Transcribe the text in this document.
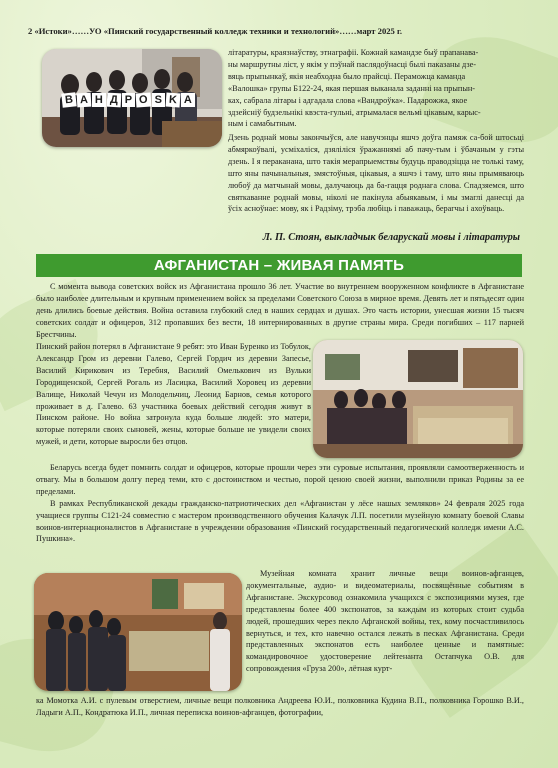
2 «Истоки»……УО «Пинский государственный колледж техники и технологий»……март 2025 г.
В А Н Д Р О S K A
літаратуры, краязнаўству, этнаграфіі. Кожнай камандзе быў прапанава-
ны маршрутны ліст, у якім у пэўнай паслядоўнасці былі паказаны дзе-
вяць прыпынкаў, якія неабходна было прайсці. Пераможца каманда
«Валошка» групы Б122-24, якая першая выканала заданні на прыпын-
ках, сабрала літары і адгадала слова «Вандроўка». Падарожжа, якое
здзейсніў будзельнікі квэста-гульні, атрымалася вельмі цікавым, карыс-
ным і самабытным.

Дзень роднай мовы закончыўся, але навучэнцы яшчэ доўга памяж са-бой штосьці абмяркоўвалі, усміхаліся, дзяліліся ўражаннямі аб пачу-тым і ўбачаным у гэты дзень. І я пераканана, што такія мерапрыемствы будуць праводзіцца не толькі таму, што яны пачынальныя, змястоўныя, цікавыя, а яшчэ і таму, што яны прымяваюць любоў да матчынай мовы, далучаюць да ба-гацця роднага слова. Спадзяемся, што святкаванне роднай мовы, ніколі не пакінула абыякавым, і мы змаглі данесці да ўсіх асноўнае: мову, як і Радзіму, трэба любіць і паважаць, берагчы і ахоўваць.

Л. П. Стоян, выкладчык беларускай мовы і літаратуры
АФГАНИСТАН – ЖИВАЯ ПАМЯТЬ

С момента вывода советских войск из Афганистана прошло 36 лет. Участие во внутреннем вооруженном конфликте в Афганистане было наиболее длительным и крупным применением войск за пределами Советского Союза в мирное время. Девять лет и пятьдесят один день длились боевые действия. Война оставила глубокий след в наших сердцах и душах. Это часть истории, унесшая жизни 15 тысяч советских солдат и офицеров, 312 пропавших без вести, 18 интернированных в другие страны мира. Среди погибших – 117 парней Брестчины.

Пинский район потерял в Афганистане 9 ребят: это Иван Буренко из Тобулок, Александр Гром из деревни Галево, Сергей Гордич из деревни Запесье, Василий Кирикович из Теребня, Василий Омелькович из Вульки Городищенской, Сергей Рогаль из Ласицка, Василий Хоровец из деревни Валище, Николай Чечун из Молодельчиц, Леонид Барнов, семья которого проживает в д. Галево. 63 участника боевых действий сегодня живут в Пинском районе. Но война затронула куда больше людей: это матери, которые потеряли своих сыновей, жены, которые больше не увидели своих мужей, и дети, которые выросли без отцов.

Беларусь всегда будет помнить солдат и офицеров, которые прошли через эти суровые испытания, проявляли самоотверженность и отвагу. Мы в большом долгу перед теми, кто с достоинством и честью, порой ценою своей жизни, выполнили приказ Родины за ее пределами.

В рамках Республиканской декады гражданско-патриотических дел «Афганистан у лёсе нашых земляков» 24 февраля 2025 года учащиеся группы С121-24 совместно с мастером производственного обучения Калачук Л.П. посетили музейную комнату боевой Славы воинов-интернационалистов в Афганистане в учреждении образования «Пинский государственный педагогический колледж имени А.С. Пушкина».

Музейная комната хранит личные вещи воинов-афганцев, документальные, аудио- и видеоматериалы, посвящённые событиям в Афганистане. Экскурсовод ознакомила учащихся с экспозициями музея, где представлены более 400 экспонатов, за каждым из которых стоит судьба людей, прошедших через пекло Афганской войны, тех, кому посчастливилось вернуться, и тех, кто навечно остался лежать в песках Афганистана. Среди представленных экспонатов есть наиболее ценные и памятные: командировочное удостоверение лейтенанта Остапчука О.В. для сопровождения «Груза 200», лётная курт-

ка Момотка А.И. с пулевым отверстием, личные вещи полковника Андреева Ю.И., полковника Кудина В.П., полковника Горошко В.И., Ладыги А.П., Кондратюка И.П., личная переписка воинов-афганцев, фотографии,
